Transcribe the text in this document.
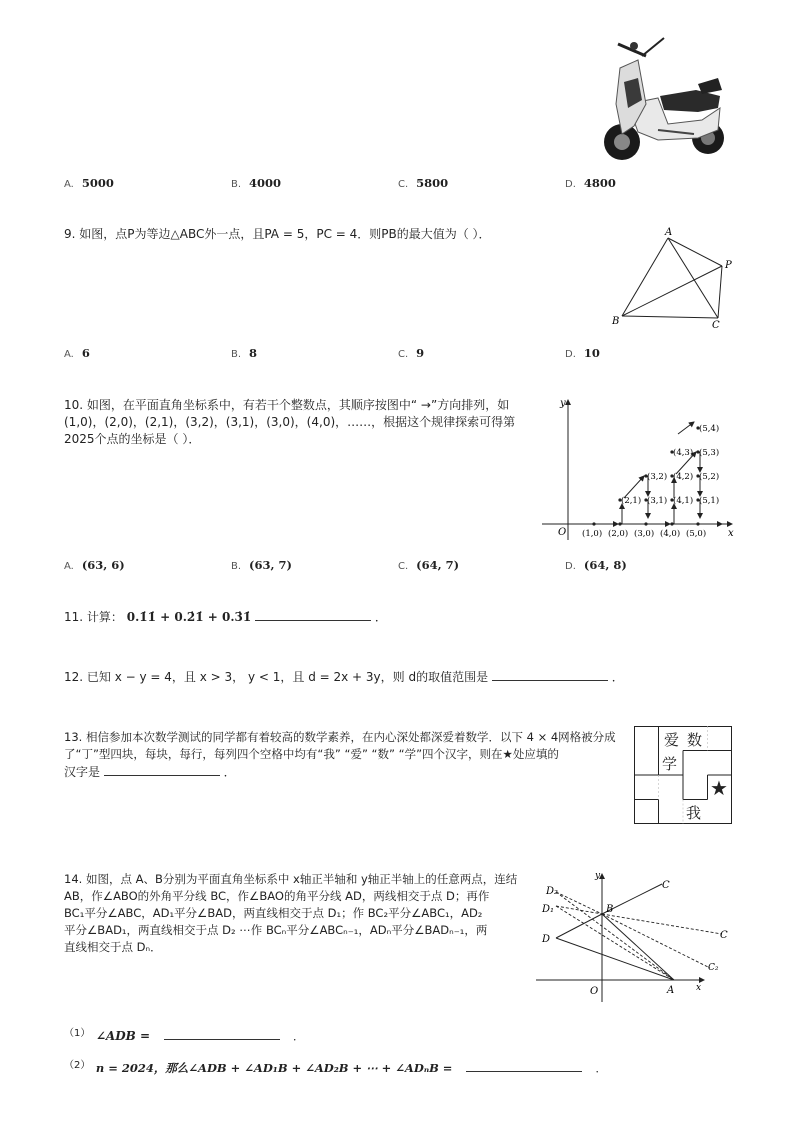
A. 5000	B. 4000	C. 5800	D. 4800
9. 如图，点P为等边△ABC外一点，且PA = 5，PC = 4．则PB的最大值为（ ）．	A
B	C
P
A. 6	B. 8	C. 9	D. 10
10. 如图，在平面直角坐标系中，有若干个整数点，其顺序按图中“ →”方向排列，如
(1,0)，(2,0)，(2,1)，(3,2)，(3,1)，(3,0)，(4,0)，……，根据这个规律探索可得第
2025个点的坐标是（ ）．
y
x
O (1,0) (2,0) (3,0) (4,0) (5,0)
(2,1) (3,1) (4,1) (5,1)
(3,2) (4,2) (5,2)
(4,3) (5,3)
(5,4)
A. (63, 6)	B. (63, 7)	C. (64, 7)	D. (64, 8)
11. 计算： 0.1̇1̇ + 0.2̇1̇ + 0.3̇1̇	．
12. 已知 x − y = 4，且 x > 3， y < 1，且 d = 2x + 3y，则 d的取值范围是	．
13. 相信参加本次数学测试的同学都有着较高的数学素养，在内心深处都深爱着数学．以下 4 × 4网格被分成
了“丁”型四块，每块，每行，每列四个空格中均有“我” “爱” “数” “学”四个汉字，则在★处应填的
汉字是	．
爱 数
学
★
我
14. 如图，点 A、B分别为平面直角坐标系中 x轴正半轴和 y轴正半轴上的任意两点，连结
AB，作∠ABO的外角平分线 BC，作∠BAO的角平分线 AD，两线相交于点 D；再作
BC₁平分∠ABC，AD₁平分∠BAD，两直线相交于点 D₁；作 BC₂平分∠ABC₁，AD₂
平分∠BAD₁，两直线相交于点 D₂ ⋯作 BCₙ平分∠ABCₙ₋₁，ADₙ平分∠BADₙ₋₁，两
直线相交于点 Dₙ．
D₂
D₁
D
B
C
C
C₂
A
O	x
y
（1） ∠ADB =	．
（2） n = 2024，那么∠ADB + ∠AD₁B + ∠AD₂B + ⋯ + ∠ADₙB =	．
